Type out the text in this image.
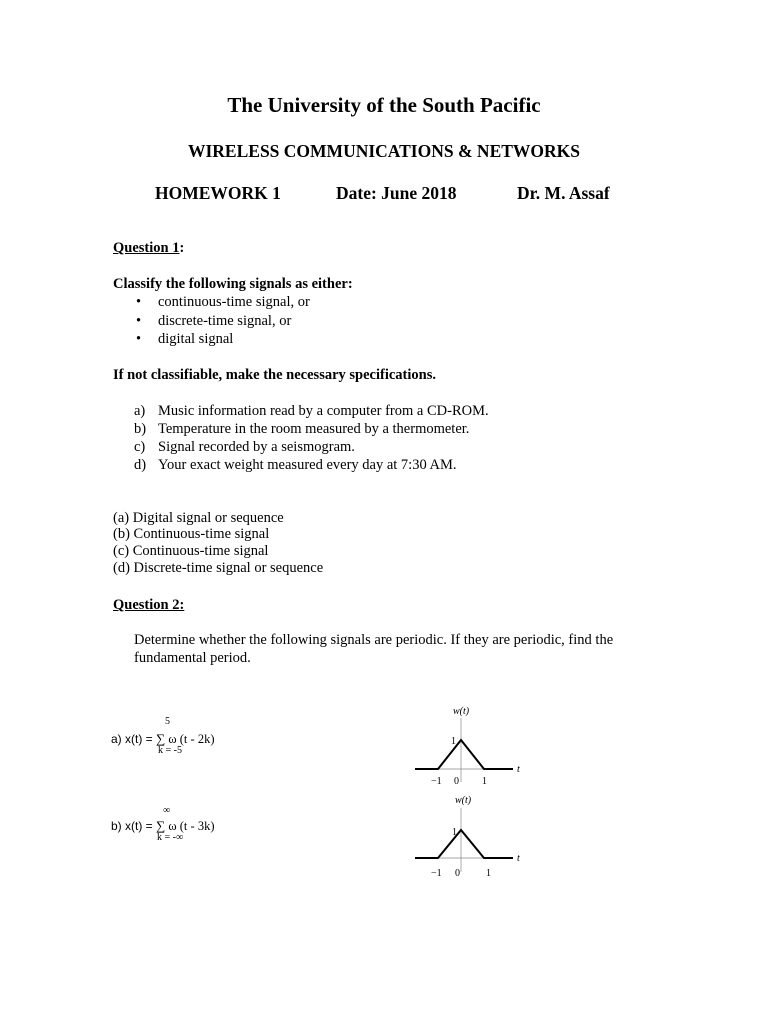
The University of the South Pacific
WIRELESS COMMUNICATIONS & NETWORKS
HOMEWORK 1	Date: June 2018	Dr. M. Assaf
Question 1:
Classify the following signals as either:
• continuous-time signal, or
• discrete-time signal, or
• digital signal
If not classifiable, make the necessary specifications.
a) Music information read by a computer from a CD-ROM.
b) Temperature in the room measured by a thermometer.
c) Signal recorded by a seismogram.
d) Your exact weight measured every day at 7:30 AM.
(a) Digital signal or sequence
(b) Continuous-time signal
(c) Continuous-time signal
(d) Discrete-time signal or sequence
Question 2:
Determine whether the following signals are periodic. If they are periodic, find the
fundamental period.
5
a) x(t) = ∑ ω (t - 2k)
k = -5
∞
b) x(t) = ∑ ω (t - 3k)
k = -∞
w(t)
1
t
−1 0 1
w(t)
1
t
−1 0	1
